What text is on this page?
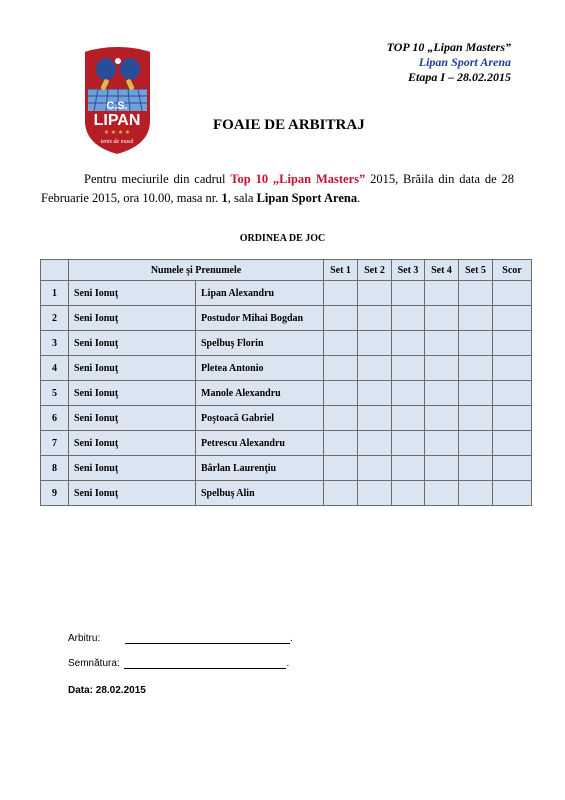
C.S.
LIPAN
★ ★ ★ ★
tenis de masă
TOP 10 „Lipan Masters”
Lipan Sport Arena
Etapa I – 28.02.2015
FOAIE DE ARBITRAJ
Pentru meciurile din cadrul Top 10 „Lipan Masters” 2015, Brăila din data de 28 Februarie 2015, ora 10.00, masa nr. 1, sala Lipan Sport Arena.
ORDINEA DE JOC
	Numele şi Prenumele		Set 1	Set 2	Set 3	Set 4	Set 5	Scor
1	Seni Ionuţ	Lipan Alexandru						
2	Seni Ionuţ	Postudor Mihai Bogdan						
3	Seni Ionuţ	Spelbuş Florin						
4	Seni Ionuţ	Pletea Antonio						
5	Seni Ionuţ	Manole Alexandru						
6	Seni Ionuţ	Poştoacă Gabriel						
7	Seni Ionuţ	Petrescu Alexandru						
8	Seni Ionuţ	Bârlan Laurenţiu						
9	Seni Ionuţ	Spelbuş Alin						
Arbitru:	.
Semnătura:	.
Data: 28.02.2015
